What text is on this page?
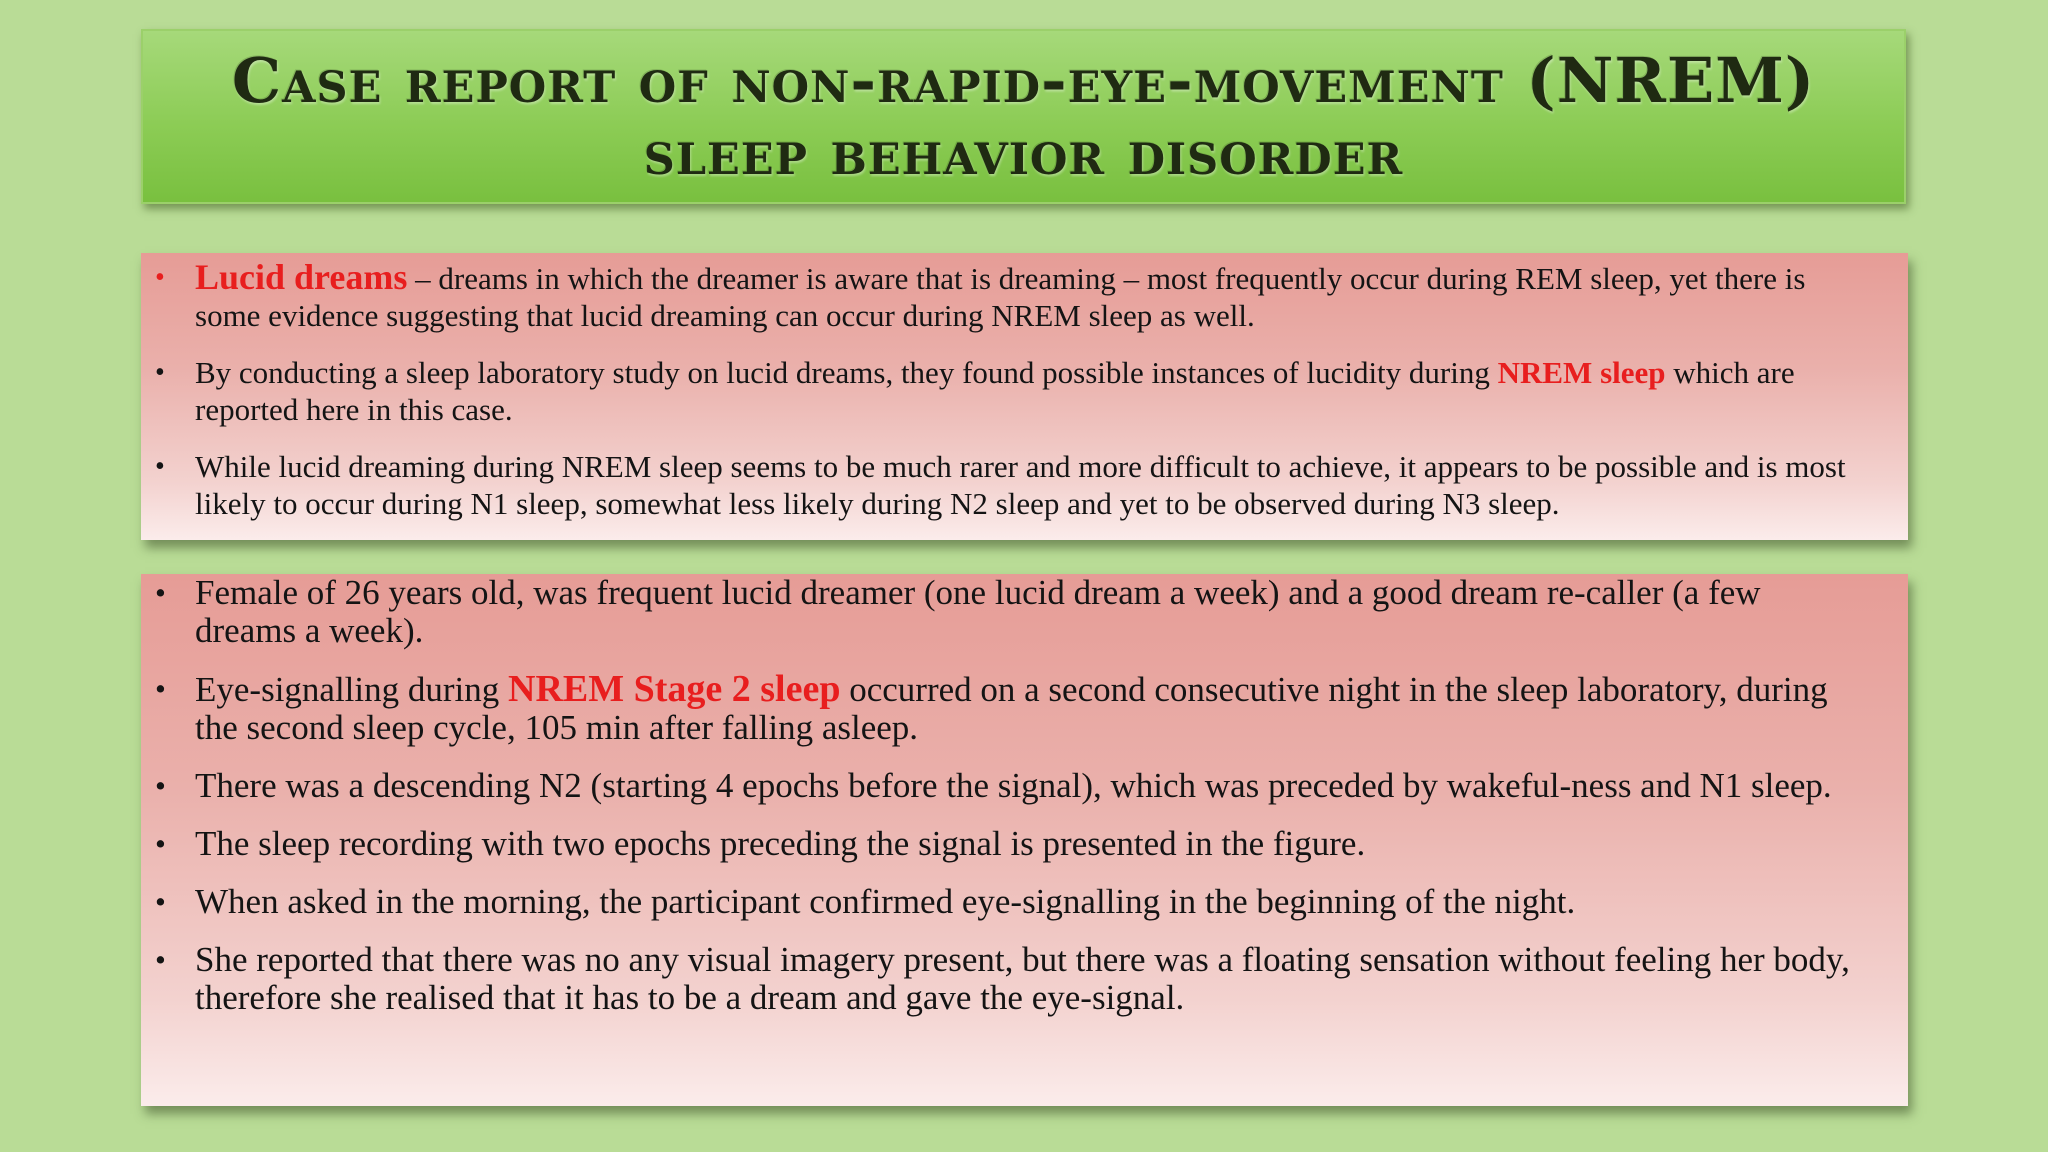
Case report of non-rapid-eye-movement (NREM)
sleep behavior disorder
• Lucid dreams – dreams in which the dreamer is aware that is dreaming – most frequently occur during REM sleep, yet there is some evidence suggesting that lucid dreaming can occur during NREM sleep as well.
• By conducting a sleep laboratory study on lucid dreams, they found possible instances of lucidity during NREM sleep which are reported here in this case.
• While lucid dreaming during NREM sleep seems to be much rarer and more difficult to achieve, it appears to be possible and is most likely to occur during N1 sleep, somewhat less likely during N2 sleep and yet to be observed during N3 sleep.
• Female of 26 years old, was frequent lucid dreamer (one lucid dream a week) and a good dream re-caller (a few dreams a week).
• Eye-signalling during NREM Stage 2 sleep occurred on a second consecutive night in the sleep laboratory, during the second sleep cycle, 105 min after falling asleep.
• There was a descending N2 (starting 4 epochs before the signal), which was preceded by wakeful-ness and N1 sleep.
• The sleep recording with two epochs preceding the signal is presented in the figure.
• When asked in the morning, the participant confirmed eye-signalling in the beginning of the night.
• She reported that there was no any visual imagery present, but there was a floating sensation without feeling her body, therefore she realised that it has to be a dream and gave the eye-signal.
